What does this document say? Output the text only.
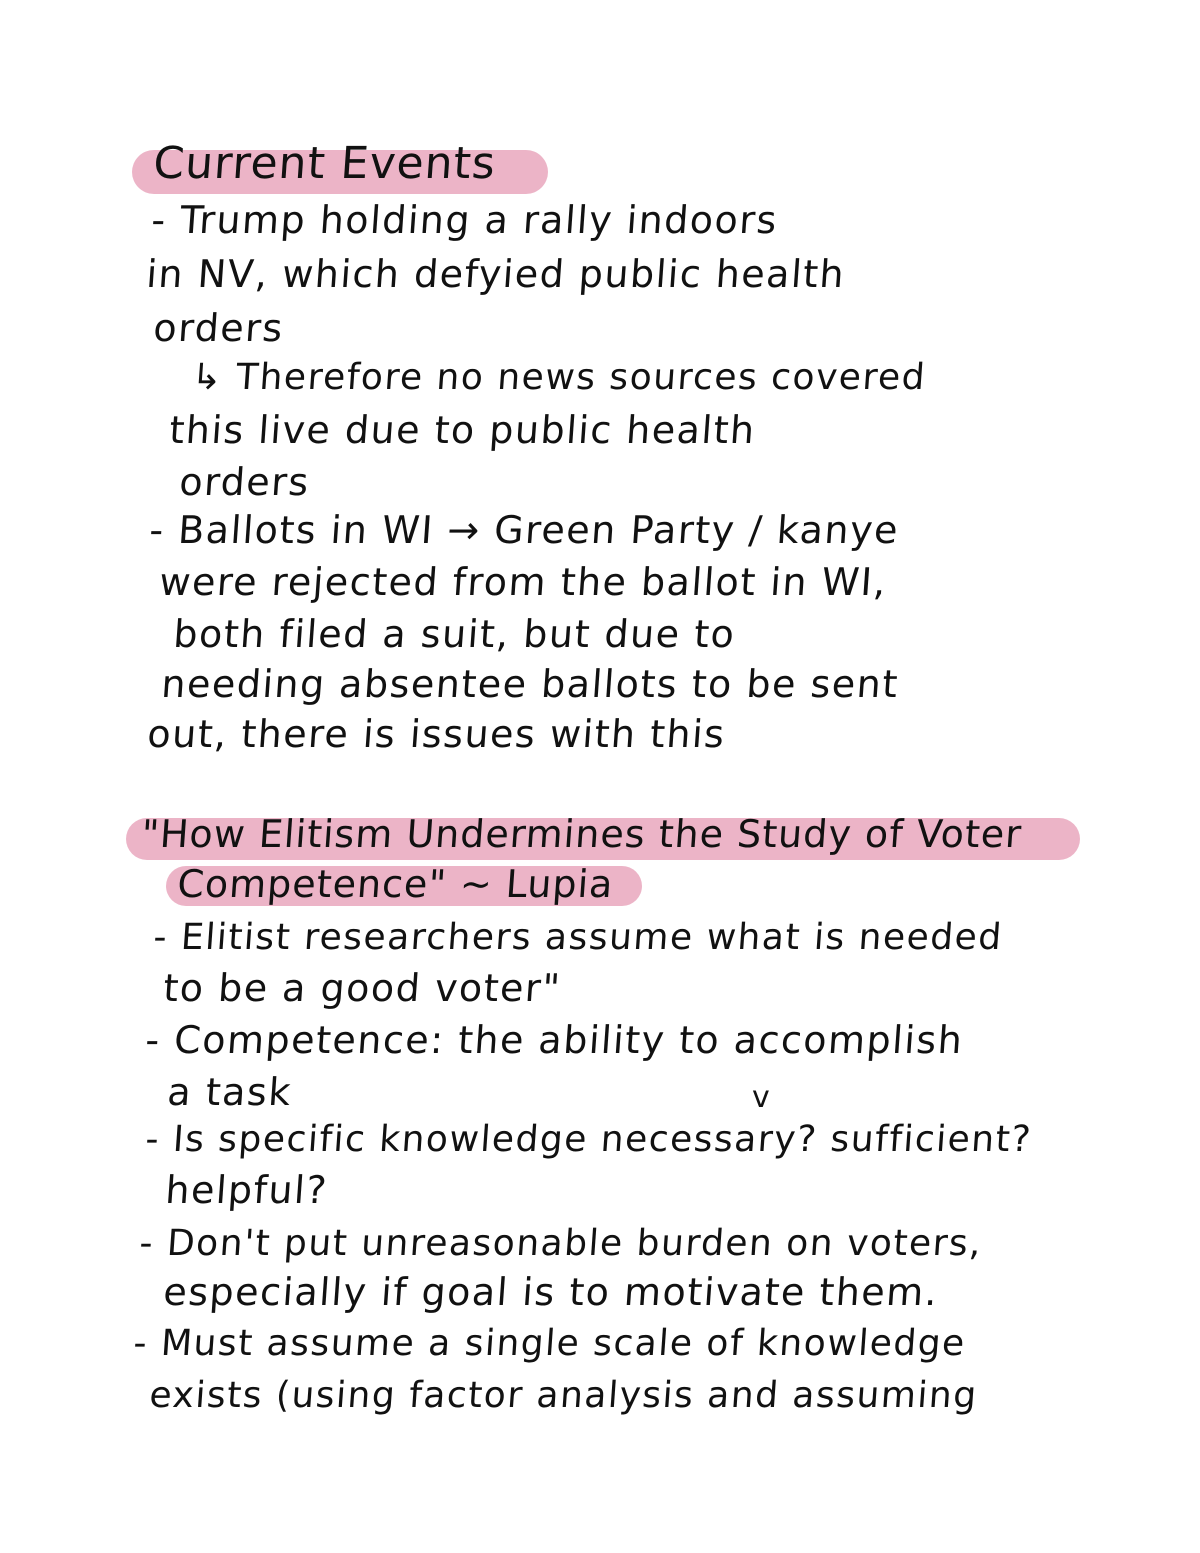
Current Events
- Trump holding a rally indoors
in NV, which defyied public health
orders
↳ Therefore no news sources covered
this live due to public health
orders
- Ballots in WI → Green Party / kanye
were rejected from the ballot in WI,
both filed a suit, but due to
needing absentee ballots to be sent
out, there is issues with this
"How Elitism Undermines the Study of Voter
Competence" ~ Lupia
- Elitist researchers assume what is needed
to be a good voter"
- Competence: the ability to accomplish
a task	v
- Is specific knowledge necessary? sufficient?
helpful?
- Don't put unreasonable burden on voters,
especially if goal is to motivate them.
- Must assume a single scale of knowledge
exists (using factor analysis and assuming
